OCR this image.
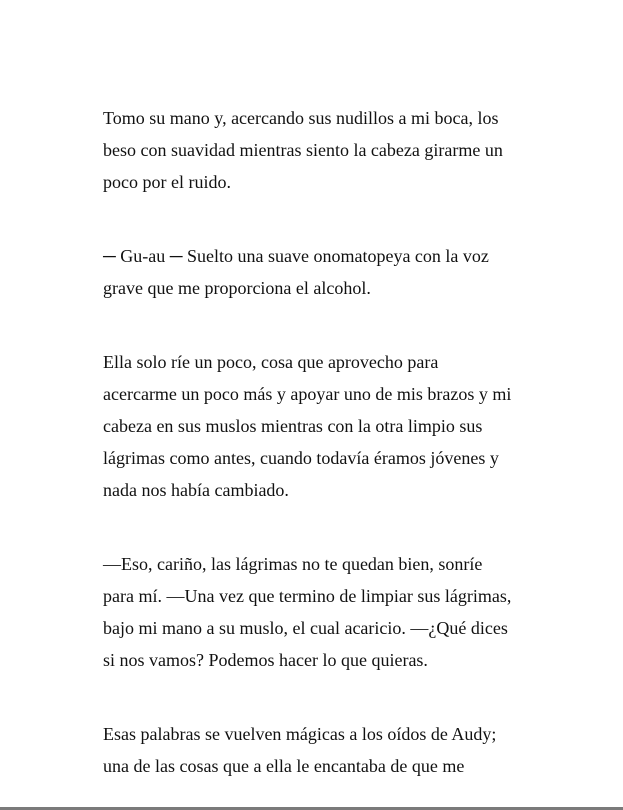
Tomo su mano y, acercando sus nudillos a mi boca, los
beso con suavidad mientras siento la cabeza girarme un
poco por el ruido.

─ Gu-au ─ Suelto una suave onomatopeya con la voz
grave que me proporciona el alcohol.

Ella solo ríe un poco, cosa que aprovecho para
acercarme un poco más y apoyar uno de mis brazos y mi
cabeza en sus muslos mientras con la otra limpio sus
lágrimas como antes, cuando todavía éramos jóvenes y
nada nos había cambiado.

—Eso, cariño, las lágrimas no te quedan bien, sonríe
para mí. —Una vez que termino de limpiar sus lágrimas,
bajo mi mano a su muslo, el cual acaricio. —¿Qué dices
si nos vamos? Podemos hacer lo que quieras.

Esas palabras se vuelven mágicas a los oídos de Audy;
una de las cosas que a ella le encantaba de que me
